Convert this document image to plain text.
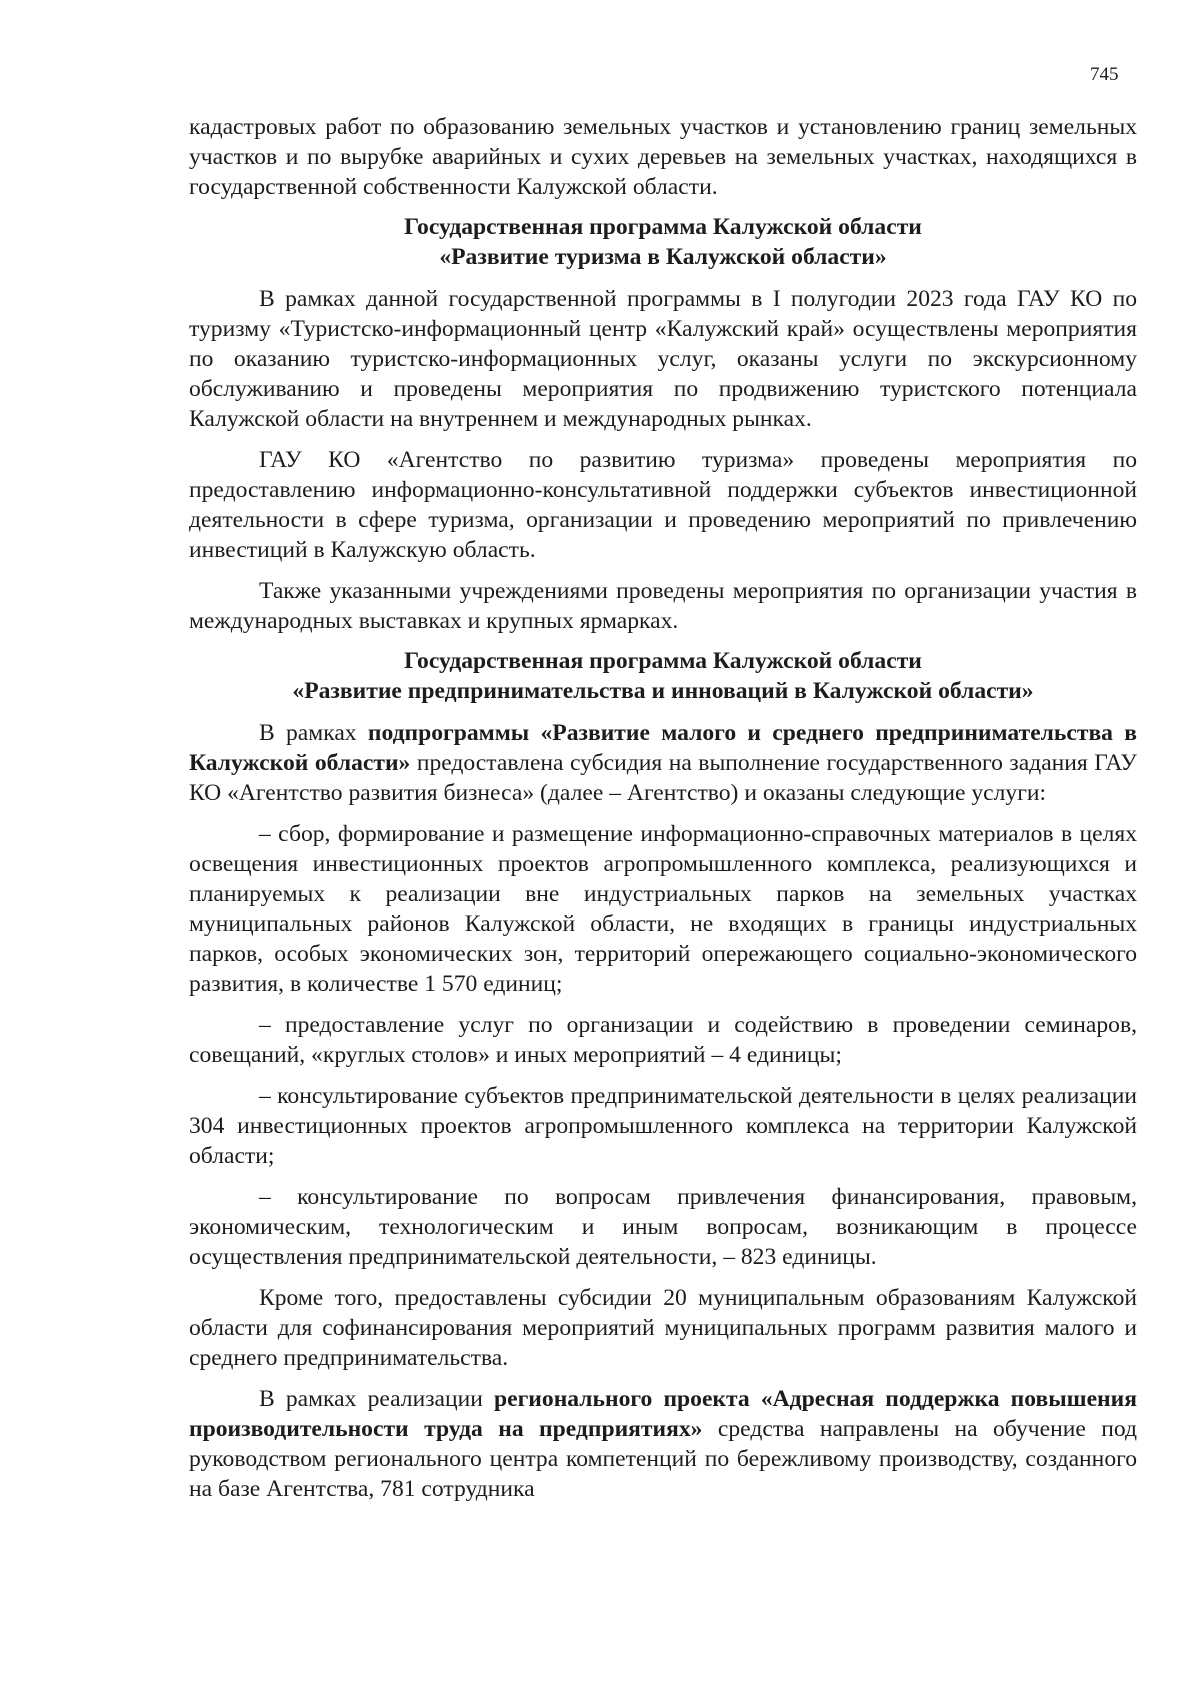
745

кадастровых работ по образованию земельных участков и установлению границ земельных участков и по вырубке аварийных и сухих деревьев на земельных участках, находящихся в государственной собственности Калужской области.

Государственная программа Калужской области
«Развитие туризма в Калужской области»

В рамках данной государственной программы в I полугодии 2023 года ГАУ КО по туризму «Туристско-информационный центр «Калужский край» осуществлены мероприятия по оказанию туристско-информационных услуг, оказаны услуги по экскурсионному обслуживанию и проведены мероприятия по продвижению туристского потенциала Калужской области на внутреннем и международных рынках.

ГАУ КО «Агентство по развитию туризма» проведены мероприятия по предоставлению информационно-консультативной поддержки субъектов инвестиционной деятельности в сфере туризма, организации и проведению мероприятий по привлечению инвестиций в Калужскую область.

Также указанными учреждениями проведены мероприятия по организации участия в международных выставках и крупных ярмарках.

Государственная программа Калужской области
«Развитие предпринимательства и инноваций в Калужской области»

В рамках подпрограммы «Развитие малого и среднего предпринимательства в Калужской области» предоставлена субсидия на выполнение государственного задания ГАУ КО «Агентство развития бизнеса» (далее – Агентство) и оказаны следующие услуги:

– сбор, формирование и размещение информационно-справочных материалов в целях освещения инвестиционных проектов агропромышленного комплекса, реализующихся и планируемых к реализации вне индустриальных парков на земельных участках муниципальных районов Калужской области, не входящих в границы индустриальных парков, особых экономических зон, территорий опережающего социально-экономического развития, в количестве 1 570 единиц;

– предоставление услуг по организации и содействию в проведении семинаров, совещаний, «круглых столов» и иных мероприятий – 4 единицы;

– консультирование субъектов предпринимательской деятельности в целях реализации 304 инвестиционных проектов агропромышленного комплекса на территории Калужской области;

– консультирование по вопросам привлечения финансирования, правовым, экономическим, технологическим и иным вопросам, возникающим в процессе осуществления предпринимательской деятельности, – 823 единицы.

Кроме того, предоставлены субсидии 20 муниципальным образованиям Калужской области для софинансирования мероприятий муниципальных программ развития малого и среднего предпринимательства.

В рамках реализации регионального проекта «Адресная поддержка повышения производительности труда на предприятиях» средства направлены на обучение под руководством регионального центра компетенций по бережливому производству, созданного на базе Агентства, 781 сотрудника
